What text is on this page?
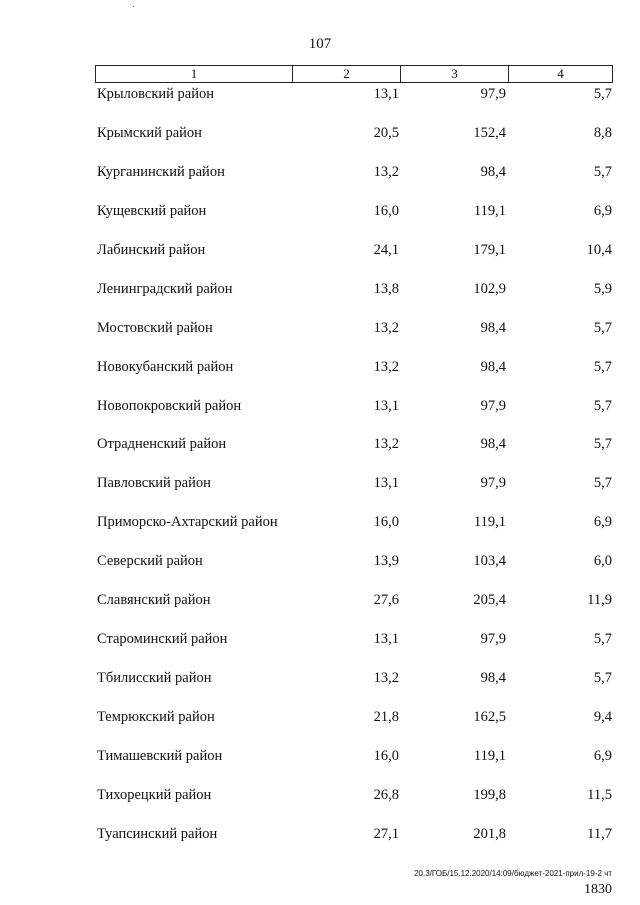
107
1	2	3	4
Крыловский район	13,1	97,9	5,7
Крымский район	20,5	152,4	8,8
Курганинский район	13,2	98,4	5,7
Кущевский район	16,0	119,1	6,9
Лабинский район	24,1	179,1	10,4
Ленинградский район	13,8	102,9	5,9
Мостовский район	13,2	98,4	5,7
Новокубанский район	13,2	98,4	5,7
Новопокровский район	13,1	97,9	5,7
Отрадненский район	13,2	98,4	5,7
Павловский район	13,1	97,9	5,7
Приморско-Ахтарский район	16,0	119,1	6,9
Северский район	13,9	103,4	6,0
Славянский район	27,6	205,4	11,9
Староминский район	13,1	97,9	5,7
Тбилисский район	13,2	98,4	5,7
Темрюкский район	21,8	162,5	9,4
Тимашевский район	16,0	119,1	6,9
Тихорецкий район	26,8	199,8	11,5
Туапсинский район	27,1	201,8	11,7
20.3/ГОБ/15.12.2020/14:09/бюджет-2021-прил-19-2 чт
1830
